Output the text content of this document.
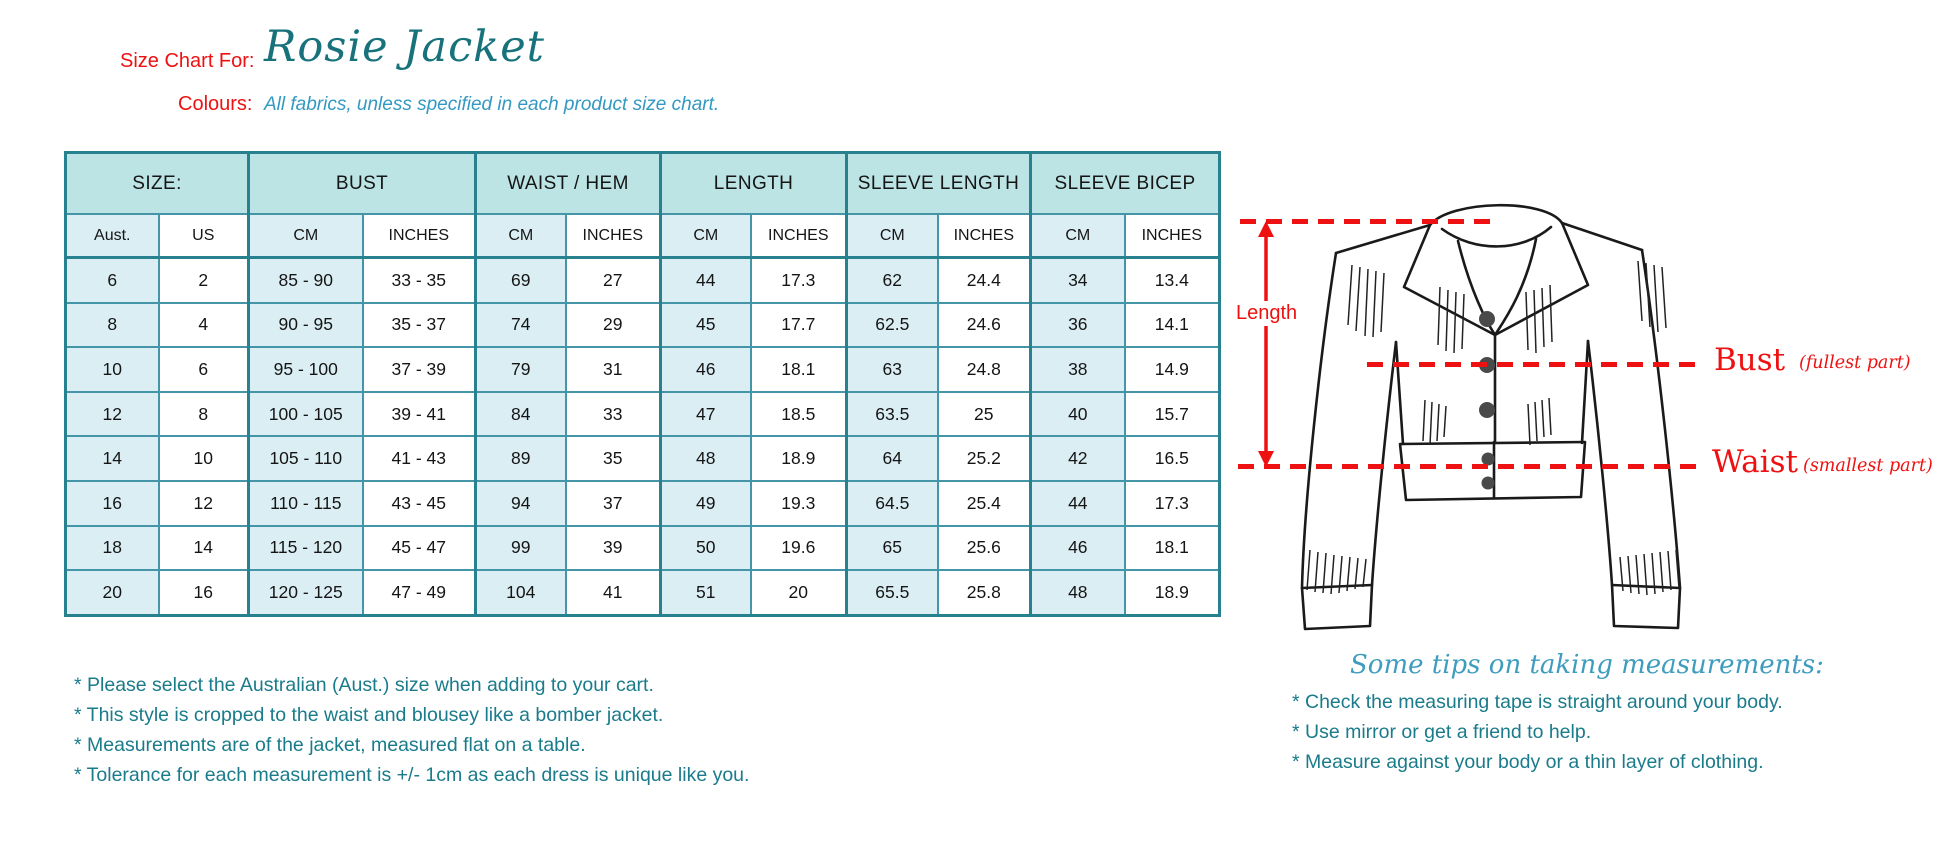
Size Chart For: Rosie Jacket
Colours: All fabrics, unless specified in each product size chart.
SIZE:		BUST		WAIST / HEM		LENGTH		SLEEVE LENGTH		SLEEVE BICEP	
Aust.	US	CM	INCHES	CM	INCHES	CM	INCHES	CM	INCHES	CM	INCHES
6	2	85 - 90	33 - 35	69	27	44	17.3	62	24.4	34	13.4
8	4	90 - 95	35 - 37	74	29	45	17.7	62.5	24.6	36	14.1
10	6	95 - 100	37 - 39	79	31	46	18.1	63	24.8	38	14.9
12	8	100 - 105	39 - 41	84	33	47	18.5	63.5	25	40	15.7
14	10	105 - 110	41 - 43	89	35	48	18.9	64	25.2	42	16.5
16	12	110 - 115	43 - 45	94	37	49	19.3	64.5	25.4	44	17.3
18	14	115 - 120	45 - 47	99	39	50	19.6	65	25.6	46	18.1
20	16	120 - 125	47 - 49	104	41	51	20	65.5	25.8	48	18.9
Length
Bust (fullest part)
Waist (smallest part)
* Please select the Australian (Aust.) size when adding to your cart.
* This style is cropped to the waist and blousey like a bomber jacket.
* Measurements are of the jacket, measured flat on a table.
* Tolerance for each measurement is +/- 1cm as each dress is unique like you.
Some tips on taking measurements:
* Check the measuring tape is straight around your body.
* Use mirror or get a friend to help.
* Measure against your body or a thin layer of clothing.
